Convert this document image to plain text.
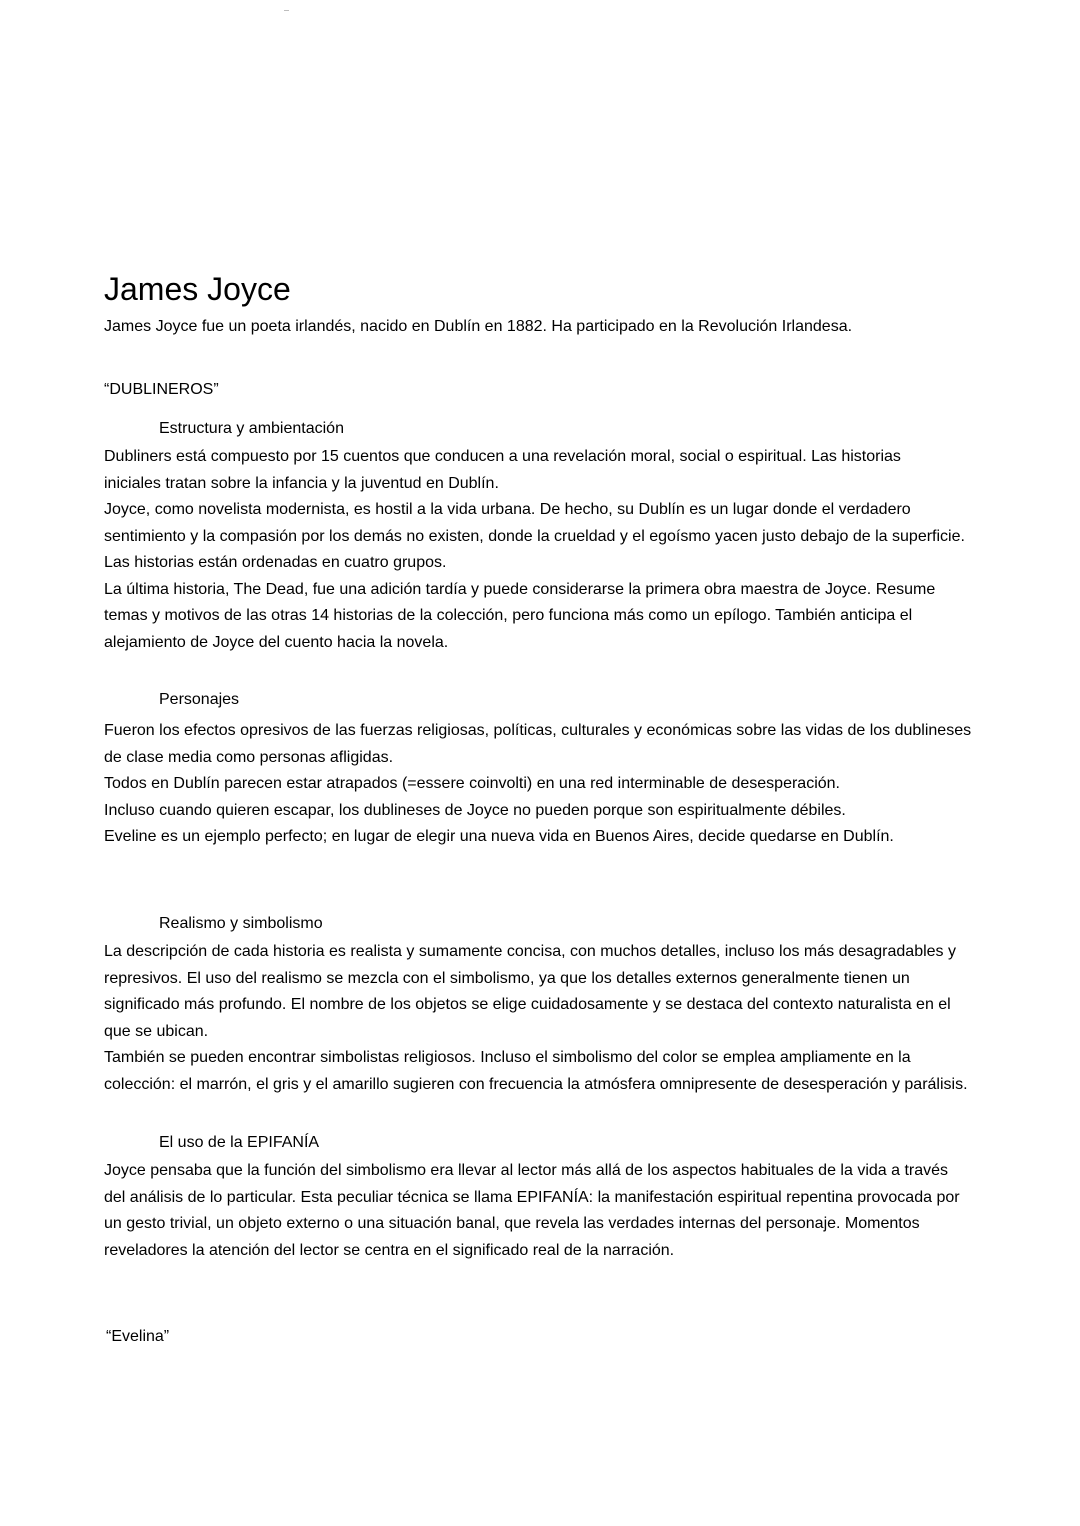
James Joyce

James Joyce fue un poeta irlandés, nacido en Dublín en 1882. Ha participado en la Revolución Irlandesa.

“DUBLINEROS”

Estructura y ambientación

Dubliners está compuesto por 15 cuentos que conducen a una revelación moral, social o espiritual. Las historias
iniciales tratan sobre la infancia y la juventud en Dublín.
Joyce, como novelista modernista, es hostil a la vida urbana. De hecho, su Dublín es un lugar donde el verdadero
sentimiento y la compasión por los demás no existen, donde la crueldad y el egoísmo yacen justo debajo de la superficie.
Las historias están ordenadas en cuatro grupos.
La última historia, The Dead, fue una adición tardía y puede considerarse la primera obra maestra de Joyce. Resume
temas y motivos de las otras 14 historias de la colección, pero funciona más como un epílogo. También anticipa el
alejamiento de Joyce del cuento hacia la novela.

Personajes

Fueron los efectos opresivos de las fuerzas religiosas, políticas, culturales y económicas sobre las vidas de los dublineses
de clase media como personas afligidas.
Todos en Dublín parecen estar atrapados (=essere coinvolti) en una red interminable de desesperación.
Incluso cuando quieren escapar, los dublineses de Joyce no pueden porque son espiritualmente débiles.
Eveline es un ejemplo perfecto; en lugar de elegir una nueva vida en Buenos Aires, decide quedarse en Dublín.

Realismo y simbolismo

La descripción de cada historia es realista y sumamente concisa, con muchos detalles, incluso los más desagradables y
represivos. El uso del realismo se mezcla con el simbolismo, ya que los detalles externos generalmente tienen un
significado más profundo. El nombre de los objetos se elige cuidadosamente y se destaca del contexto naturalista en el
que se ubican.
También se pueden encontrar simbolistas religiosos. Incluso el simbolismo del color se emplea ampliamente en la
colección: el marrón, el gris y el amarillo sugieren con frecuencia la atmósfera omnipresente de desesperación y parálisis.

El uso de la EPIFANÍA

Joyce pensaba que la función del simbolismo era llevar al lector más allá de los aspectos habituales de la vida a través
del análisis de lo particular. Esta peculiar técnica se llama EPIFANÍA: la manifestación espiritual repentina provocada por
un gesto trivial, un objeto externo o una situación banal, que revela las verdades internas del personaje. Momentos
reveladores la atención del lector se centra en el significado real de la narración.

“Evelina”
